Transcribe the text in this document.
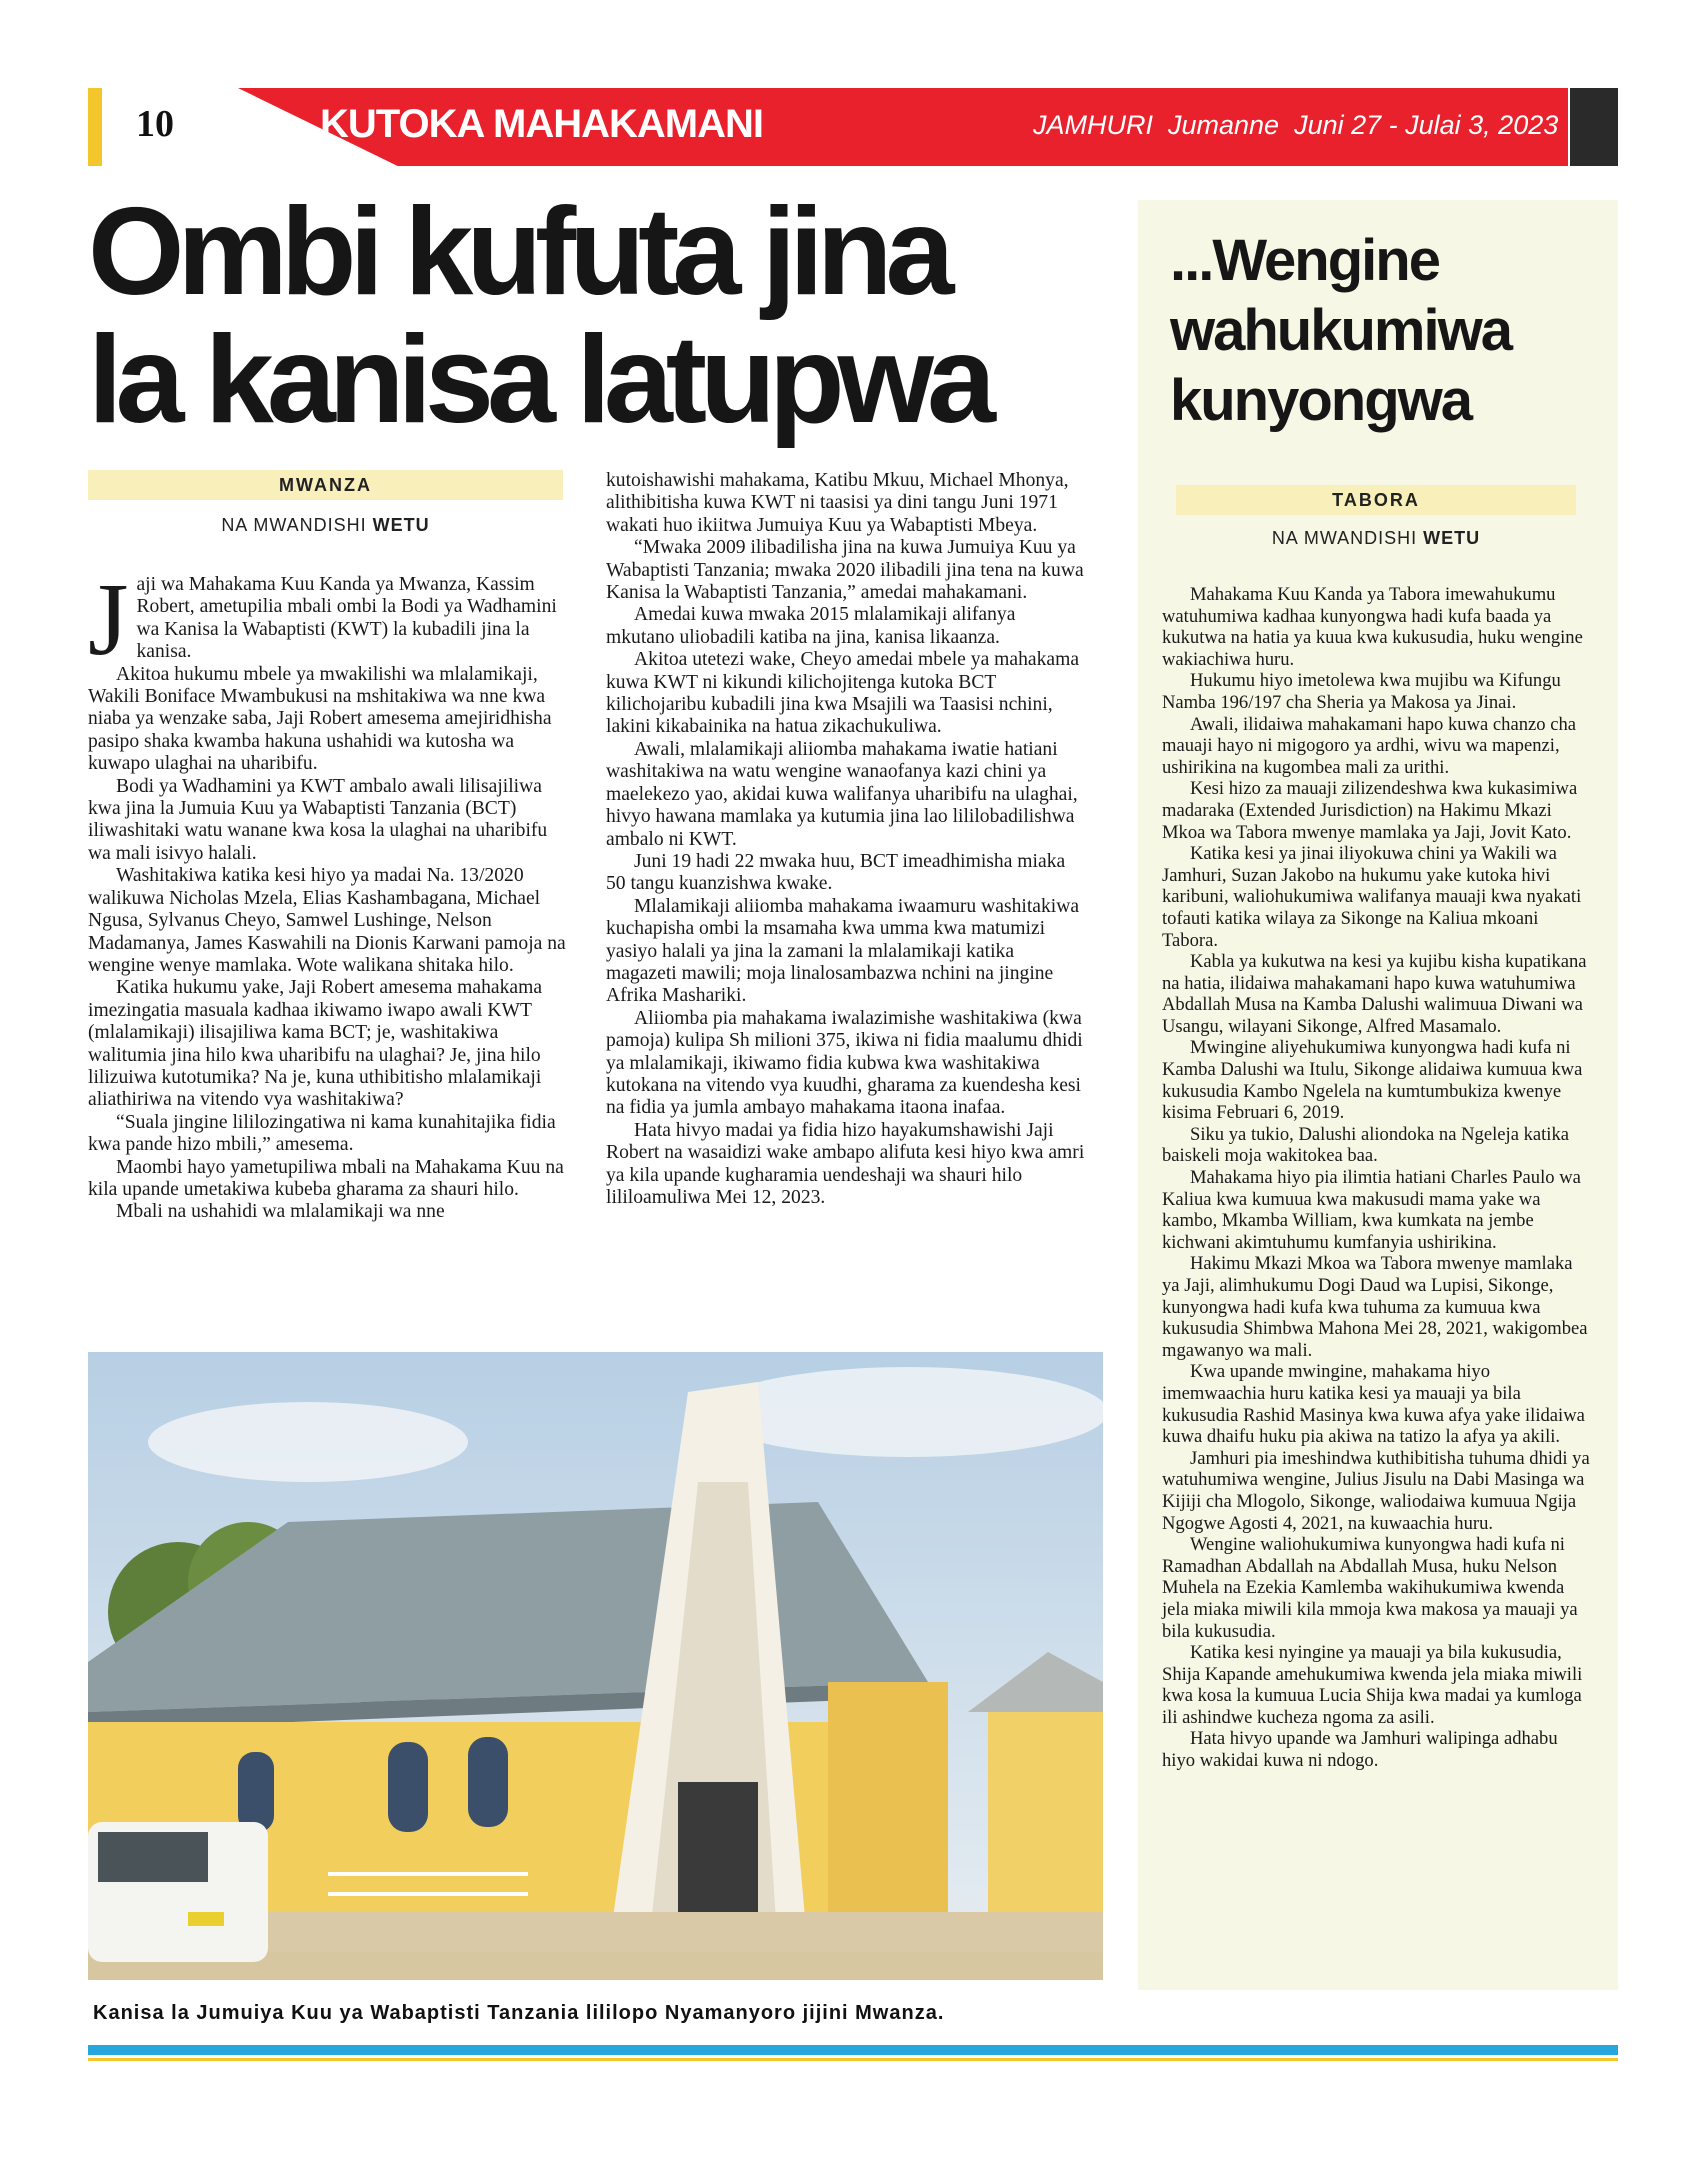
10	KUTOKA MAHAKAMANI	JAMHURI  Jumanne  Juni 27 - Julai 3, 2023
Ombi kufuta jina
la kanisa latupwa
MWANZA
NA MWANDISHI WETU

Jaji wa Mahakama Kuu Kanda ya Mwanza, Kassim Robert, ametupilia mbali ombi la Bodi ya Wadhamini wa Kanisa la Wabaptisti (KWT) la kubadili jina la kanisa.

Akitoa hukumu mbele ya mwakilishi wa mlalamikaji, Wakili Boniface Mwambukusi na mshitakiwa wa nne kwa niaba ya wenzake saba, Jaji Robert amesema amejiridhisha pasipo shaka kwamba hakuna ushahidi wa kutosha wa kuwapo ulaghai na uharibifu.

Bodi ya Wadhamini ya KWT ambalo awali lilisajiliwa kwa jina la Jumuia Kuu ya Wabaptisti Tanzania (BCT) iliwashitaki watu wanane kwa kosa la ulaghai na uharibifu wa mali isivyo halali.

Washitakiwa katika kesi hiyo ya madai Na. 13/2020 walikuwa Nicholas Mzela, Elias Kashambagana, Michael Ngusa, Sylvanus Cheyo, Samwel Lushinge, Nelson Madamanya, James Kaswahili na Dionis Karwani pamoja na wengine wenye mamlaka. Wote walikana shitaka hilo.

Katika hukumu yake, Jaji Robert amesema mahakama imezingatia masuala kadhaa ikiwamo iwapo awali KWT (mlalamikaji) ilisajiliwa kama BCT; je, washitakiwa walitumia jina hilo kwa uharibifu na ulaghai? Je, jina hilo lilizuiwa kutotumika? Na je, kuna uthibitisho mlalamikaji aliathiriwa na vitendo vya washitakiwa?

“Suala jingine lililozingatiwa ni kama kunahitajika fidia kwa pande hizo mbili,” amesema.

Maombi hayo yametupiliwa mbali na Mahakama Kuu na kila upande umetakiwa kubeba gharama za shauri hilo.

Mbali na ushahidi wa mlalamikaji wa nne

kutoishawishi mahakama, Katibu Mkuu, Michael Mhonya, alithibitisha kuwa KWT ni taasisi ya dini tangu Juni 1971 wakati huo ikiitwa Jumuiya Kuu ya Wabaptisti Mbeya.

“Mwaka 2009 ilibadilisha jina na kuwa Jumuiya Kuu ya Wabaptisti Tanzania; mwaka 2020 ilibadili jina tena na kuwa Kanisa la Wabaptisti Tanzania,” amedai mahakamani.

Amedai kuwa mwaka 2015 mlalamikaji alifanya mkutano uliobadili katiba na jina, kanisa likaanza.

Akitoa utetezi wake, Cheyo amedai mbele ya mahakama kuwa KWT ni kikundi kilichojitenga kutoka BCT kilichojaribu kubadili jina kwa Msajili wa Taasisi nchini, lakini kikabainika na hatua zikachukuliwa.

Awali, mlalamikaji aliiomba mahakama iwatie hatiani washitakiwa na watu wengine wanaofanya kazi chini ya maelekezo yao, akidai kuwa walifanya uharibifu na ulaghai, hivyo hawana mamlaka ya kutumia jina lao lililobadilishwa ambalo ni KWT.

Juni 19 hadi 22 mwaka huu, BCT imeadhimisha miaka 50 tangu kuanzishwa kwake.

Mlalamikaji aliiomba mahakama iwaamuru washitakiwa kuchapisha ombi la msamaha kwa umma kwa matumizi yasiyo halali ya jina la zamani la mlalamikaji katika magazeti mawili; moja linalosambazwa nchini na jingine Afrika Mashariki.

Aliiomba pia mahakama iwalazimishe washitakiwa (kwa pamoja) kulipa Sh milioni 375, ikiwa ni fidia maalumu dhidi ya mlalamikaji, ikiwamo fidia kubwa kwa washitakiwa kutokana na vitendo vya kuudhi, gharama za kuendesha kesi na fidia ya jumla ambayo mahakama itaona inafaa.

Hata hivyo madai ya fidia hizo hayakumshawishi Jaji Robert na wasaidizi wake ambapo alifuta kesi hiyo kwa amri ya kila upande kugharamia uendeshaji wa shauri hilo lililoamuliwa Mei 12, 2023.

...Wengine
wahukumiwa
kunyongwa
TABORA
NA MWANDISHI WETU

Mahakama Kuu Kanda ya Tabora imewahukumu watuhumiwa kadhaa kunyongwa hadi kufa baada ya kukutwa na hatia ya kuua kwa kukusudia, huku wengine wakiachiwa huru.

Hukumu hiyo imetolewa kwa mujibu wa Kifungu Namba 196/197 cha Sheria ya Makosa ya Jinai.

Awali, ilidaiwa mahakamani hapo kuwa chanzo cha mauaji hayo ni migogoro ya ardhi, wivu wa mapenzi, ushirikina na kugombea mali za urithi.

Kesi hizo za mauaji zilizendeshwa kwa kukasimiwa madaraka (Extended Jurisdiction) na Hakimu Mkazi Mkoa wa Tabora mwenye mamlaka ya Jaji, Jovit Kato.

Katika kesi ya jinai iliyokuwa chini ya Wakili wa Jamhuri, Suzan Jakobo na hukumu yake kutoka hivi karibuni, waliohukumiwa walifanya mauaji kwa nyakati tofauti katika wilaya za Sikonge na Kaliua mkoani Tabora.

Kabla ya kukutwa na kesi ya kujibu kisha kupatikana na hatia, ilidaiwa mahakamani hapo kuwa watuhumiwa Abdallah Musa na Kamba Dalushi walimuua Diwani wa Usangu, wilayani Sikonge, Alfred Masamalo.

Mwingine aliyehukumiwa kunyongwa hadi kufa ni Kamba Dalushi wa Itulu, Sikonge alidaiwa kumuua kwa kukusudia Kambo Ngelela na kumtumbukiza kwenye kisima Februari 6, 2019.

Siku ya tukio, Dalushi aliondoka na Ngeleja katika baiskeli moja wakitokea baa.

Mahakama hiyo pia ilimtia hatiani Charles Paulo wa Kaliua kwa kumuua kwa makusudi mama yake wa kambo, Mkamba William, kwa kumkata na jembe kichwani akimtuhumu kumfanyia ushirikina.

Hakimu Mkazi Mkoa wa Tabora mwenye mamlaka ya Jaji, alimhukumu Dogi Daud wa Lupisi, Sikonge, kunyongwa hadi kufa kwa tuhuma za kumuua kwa kukusudia Shimbwa Mahona Mei 28, 2021, wakigombea mgawanyo wa mali.

Kwa upande mwingine, mahakama hiyo imemwaachia huru katika kesi ya mauaji ya bila kukusudia Rashid Masinya kwa kuwa afya yake ilidaiwa kuwa dhaifu huku pia akiwa na tatizo la afya ya akili.

Jamhuri pia imeshindwa kuthibitisha tuhuma dhidi ya watuhumiwa wengine, Julius Jisulu na Dabi Masinga wa Kijiji cha Mlogolo, Sikonge, waliodaiwa kumuua Ngija Ngogwe Agosti 4, 2021, na kuwaachia huru.

Wengine waliohukumiwa kunyongwa hadi kufa ni Ramadhan Abdallah na Abdallah Musa, huku Nelson Muhela na Ezekia Kamlemba wakihukumiwa kwenda jela miaka miwili kila mmoja kwa makosa ya mauaji ya bila kukusudia.

Katika kesi nyingine ya mauaji ya bila kukusudia, Shija Kapande amehukumiwa kwenda jela miaka miwili kwa kosa la kumuua Lucia Shija kwa madai ya kumloga ili ashindwe kucheza ngoma za asili.

Hata hivyo upande wa Jamhuri walipinga adhabu hiyo wakidai kuwa ni ndogo.

Kanisa la Jumuiya Kuu ya Wabaptisti Tanzania lililopo Nyamanyoro jijini Mwanza.
